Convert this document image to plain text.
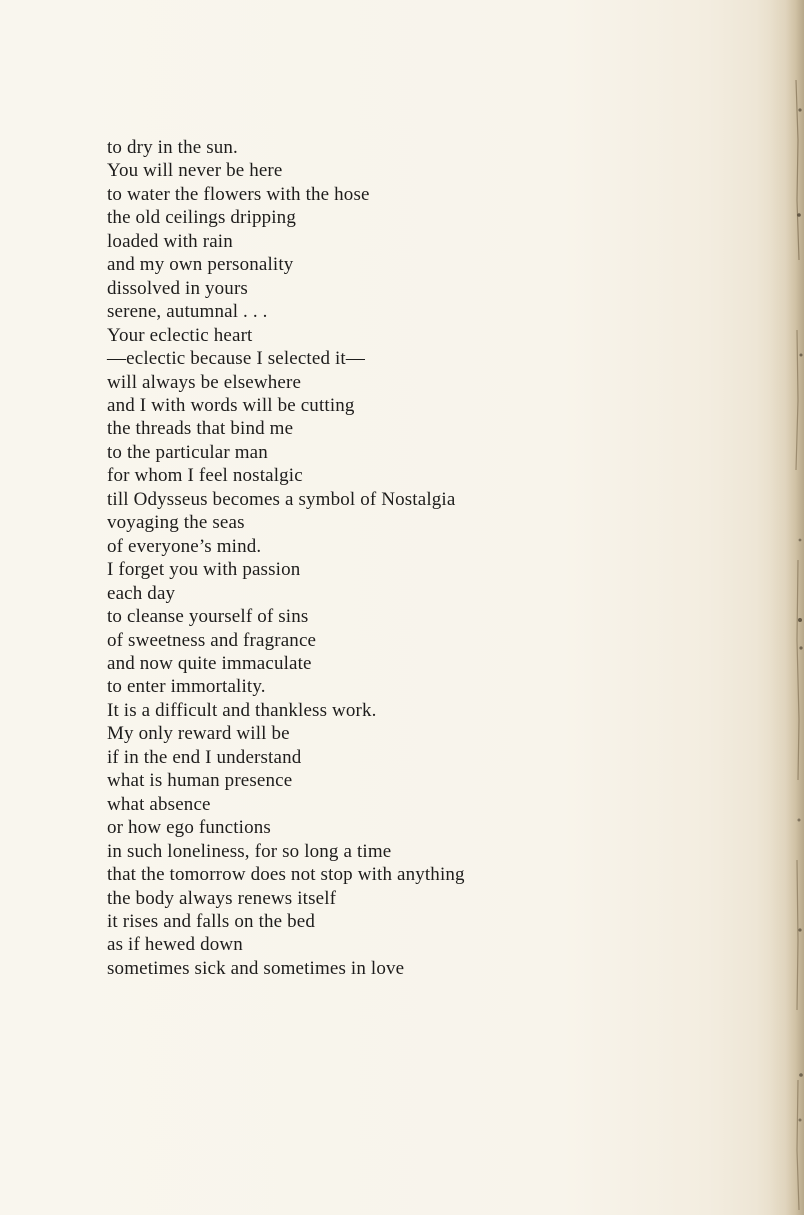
to dry in the sun.
You will never be here
to water the flowers with the hose
the old ceilings dripping
loaded with rain
and my own personality
dissolved in yours
serene, autumnal . . .
Your eclectic heart
—eclectic because I selected it—
will always be elsewhere
and I with words will be cutting
the threads that bind me
to the particular man
for whom I feel nostalgic
till Odysseus becomes a symbol of Nostalgia
voyaging the seas
of everyone’s mind.
I forget you with passion
each day
to cleanse yourself of sins
of sweetness and fragrance
and now quite immaculate
to enter immortality.
It is a difficult and thankless work.
My only reward will be
if in the end I understand
what is human presence
what absence
or how ego functions
in such loneliness, for so long a time
that the tomorrow does not stop with anything
the body always renews itself
it rises and falls on the bed
as if hewed down
sometimes sick and sometimes in love
